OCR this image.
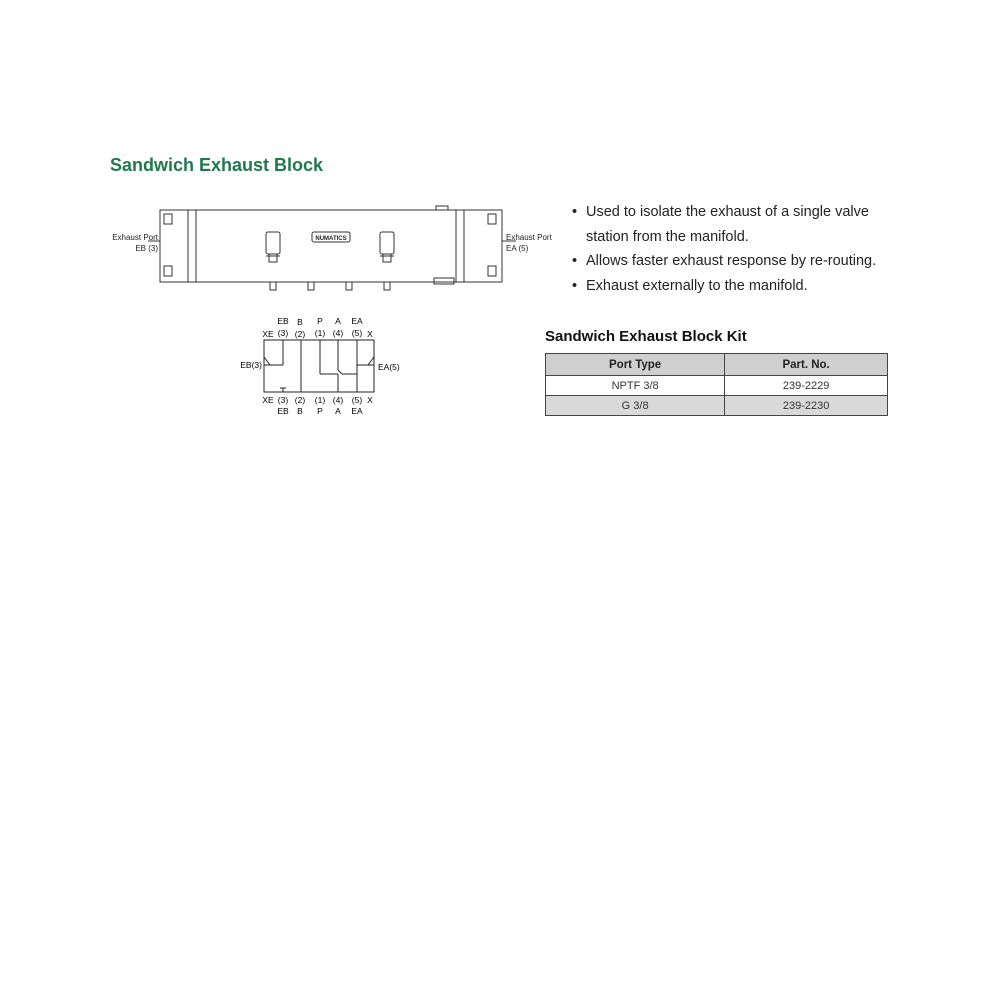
Sandwich Exhaust Block
NUMATICS
Exhaust Port
EB (3)
Exhaust Port
EA (5)
EB B P A EA
XE (3) (2) (1) (4) (5) X
EB(3)	EA(5)
XE (3) (2) (1) (4) (5) X
EB B P A EA
• Used to isolate the exhaust of a single valve station from the manifold.
• Allows faster exhaust response by re-routing.
• Exhaust externally to the manifold.
Sandwich Exhaust Block Kit
Port Type	Part. No.
NPTF 3/8	239-2229
G 3/8	239-2230
